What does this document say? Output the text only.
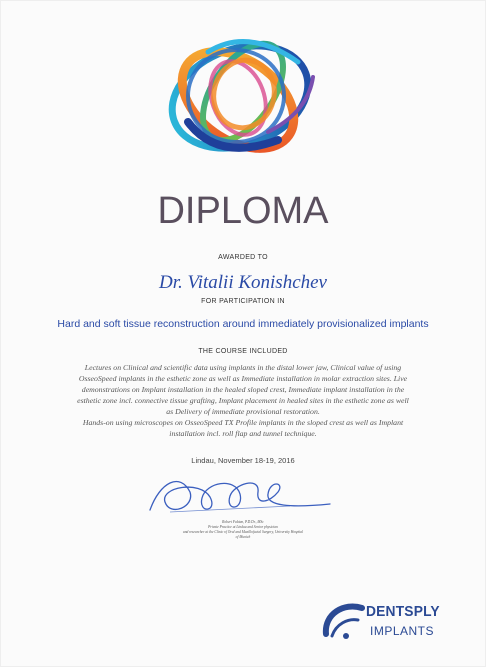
DIPLOMA
AWARDED TO
Dr. Vitalii Konishchev
FOR PARTICIPATION IN
Hard and soft tissue reconstruction around immediately provisionalized implants
THE COURSE INCLUDED
Lectures on Clinical and scientific data using implants in the distal lower jaw, Clinical value of using
OsseoSpeed implants in the esthetic zone as well as Immediate installation in molar extraction sites. Live
demonstrations on Implant installation in the healed sloped crest, Immediate implant installation in the
esthetic zone incl. connective tissue grafting, Implant placement in healed sites in the esthetic zone as well
as Delivery of immediate provisional restoration.
Hands-on using microscopes on OsseoSpeed TX Profile implants in the sloped crest as well as Implant
installation incl. roll flap and tunnel technique.
Lindau, November 18-19, 2016
Robert Fabian, P.D.Dr., MSc
Private Practice at Lindau and Senior physician
and researcher at the Clinic of Oral and Maxillofacial Surgery, University Hospital
of Munich
DENTSPLY
IMPLANTS
